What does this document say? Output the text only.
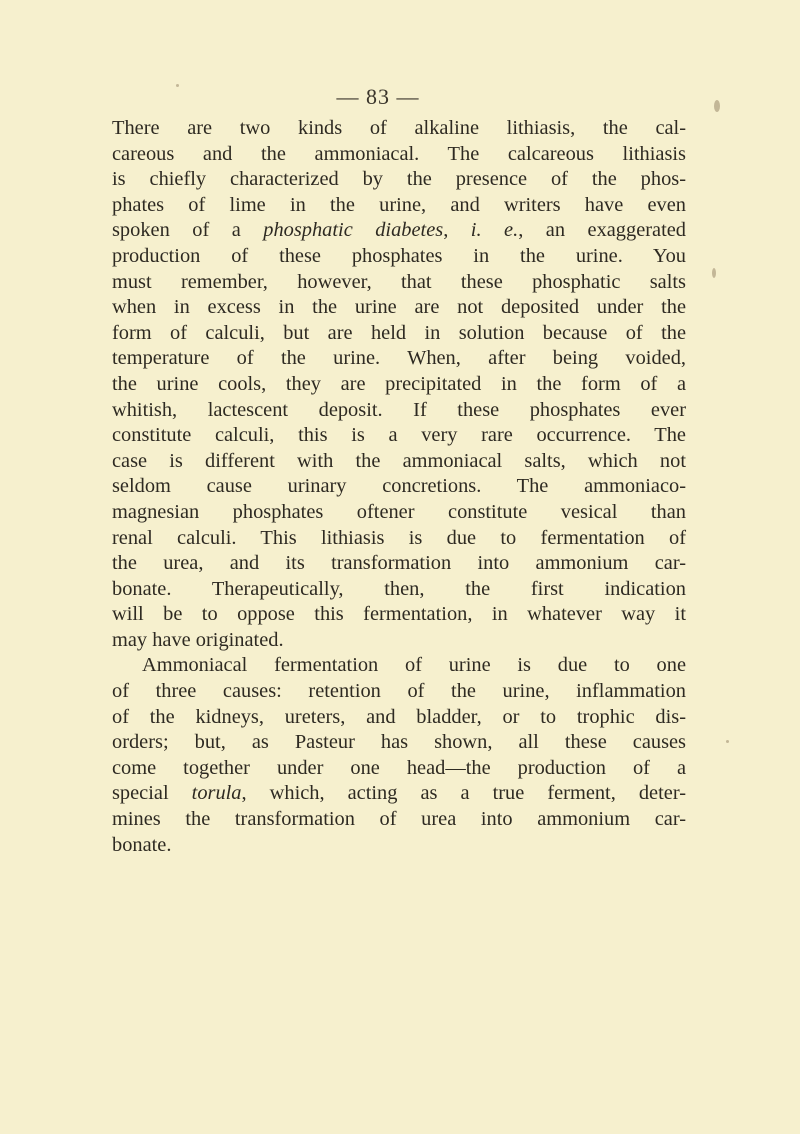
— 83 —
There are two kinds of alkaline lithiasis, the cal-
careous and the ammoniacal. The calcareous lithiasis
is chiefly characterized by the presence of the phos-
phates of lime in the urine, and writers have even
spoken of a phosphatic diabetes, i. e., an exaggerated
production of these phosphates in the urine. You
must remember, however, that these phosphatic salts
when in excess in the urine are not deposited under the
form of calculi, but are held in solution because of the
temperature of the urine. When, after being voided,
the urine cools, they are precipitated in the form of a
whitish, lactescent deposit. If these phosphates ever
constitute calculi, this is a very rare occurrence. The
case is different with the ammoniacal salts, which not
seldom cause urinary concretions. The ammoniaco-
magnesian phosphates oftener constitute vesical than
renal calculi. This lithiasis is due to fermentation of
the urea, and its transformation into ammonium car-
bonate. Therapeutically, then, the first indication
will be to oppose this fermentation, in whatever way it
may have originated.
Ammoniacal fermentation of urine is due to one
of three causes: retention of the urine, inflammation
of the kidneys, ureters, and bladder, or to trophic dis-
orders; but, as Pasteur has shown, all these causes
come together under one head—the production of a
special torula, which, acting as a true ferment, deter-
mines the transformation of urea into ammonium car-
bonate.
